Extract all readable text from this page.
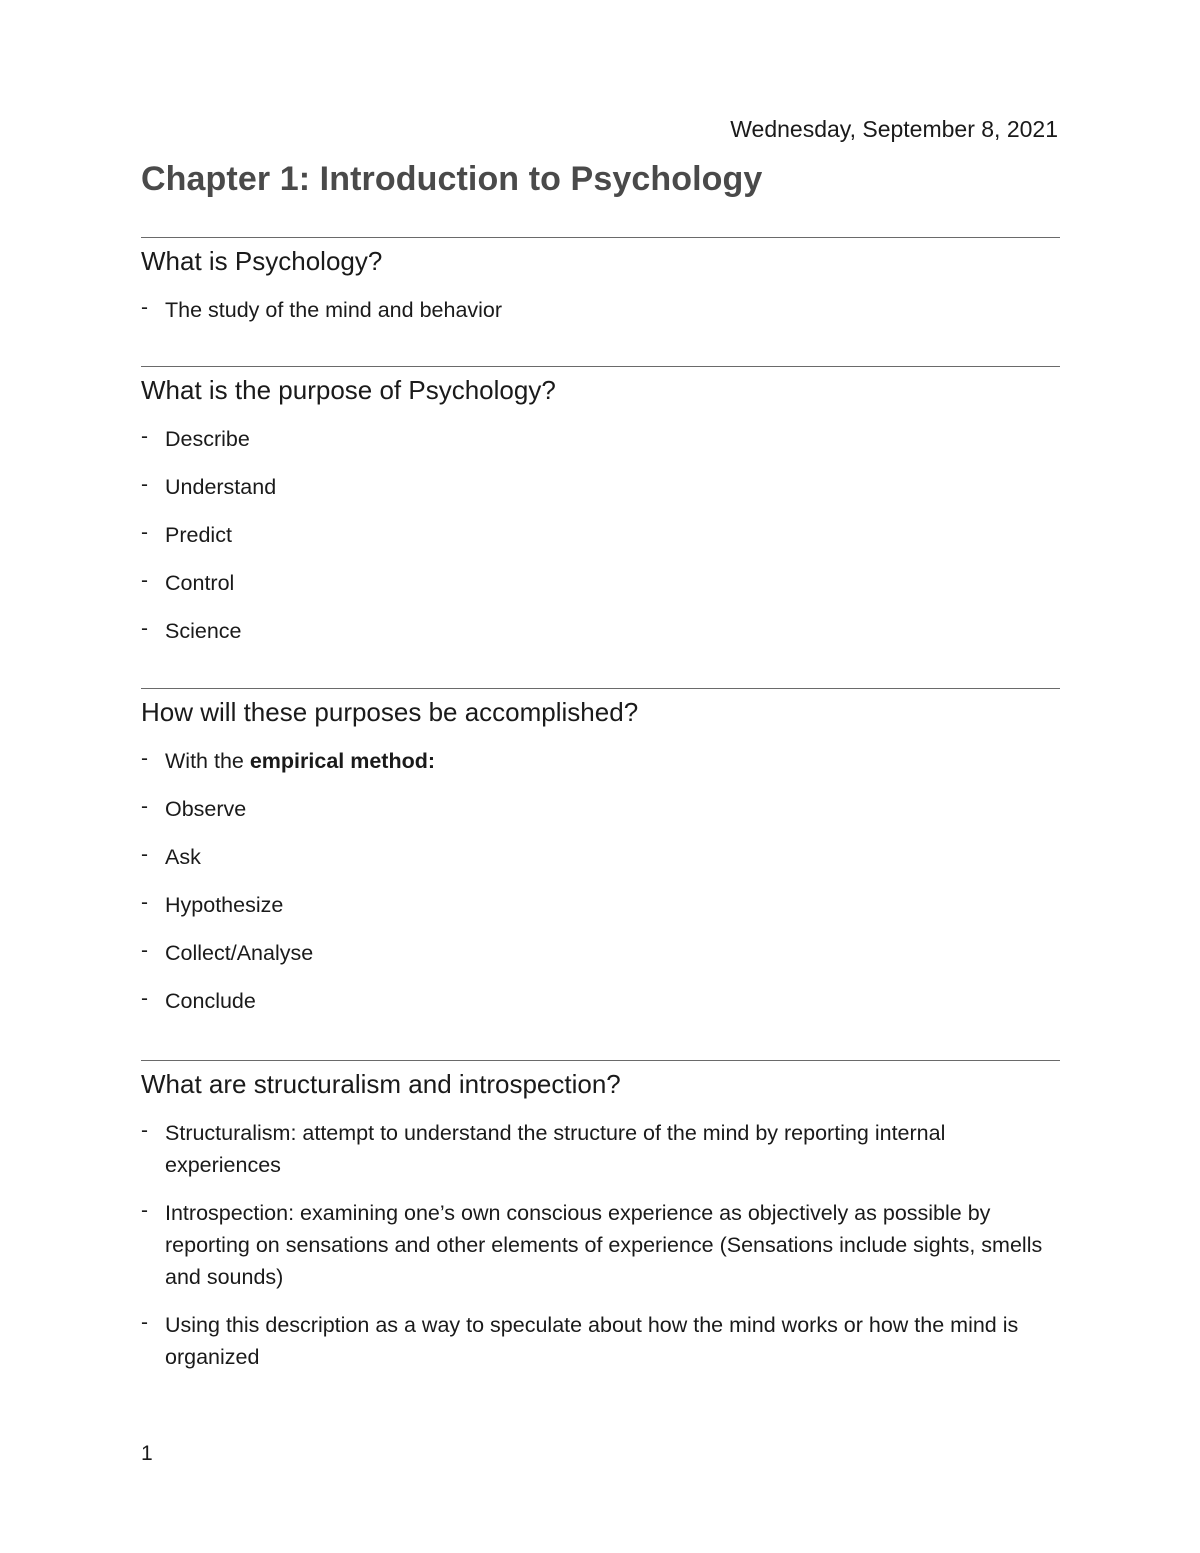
Wednesday, September 8, 2021
Chapter 1: Introduction to Psychology
What is Psychology?
- The study of the mind and behavior
What is the purpose of Psychology?
- Describe
- Understand
- Predict
- Control
- Science
How will these purposes be accomplished?
- With the empirical method:
- Observe
- Ask
- Hypothesize
- Collect/Analyse
- Conclude
What are structuralism and introspection?
- Structuralism: attempt to understand the structure of the mind by reporting internal experiences
- Introspection: examining one’s own conscious experience as objectively as possible by reporting on sensations and other elements of experience (Sensations include sights, smells and sounds)
- Using this description as a way to speculate about how the mind works or how the mind is organized
1
